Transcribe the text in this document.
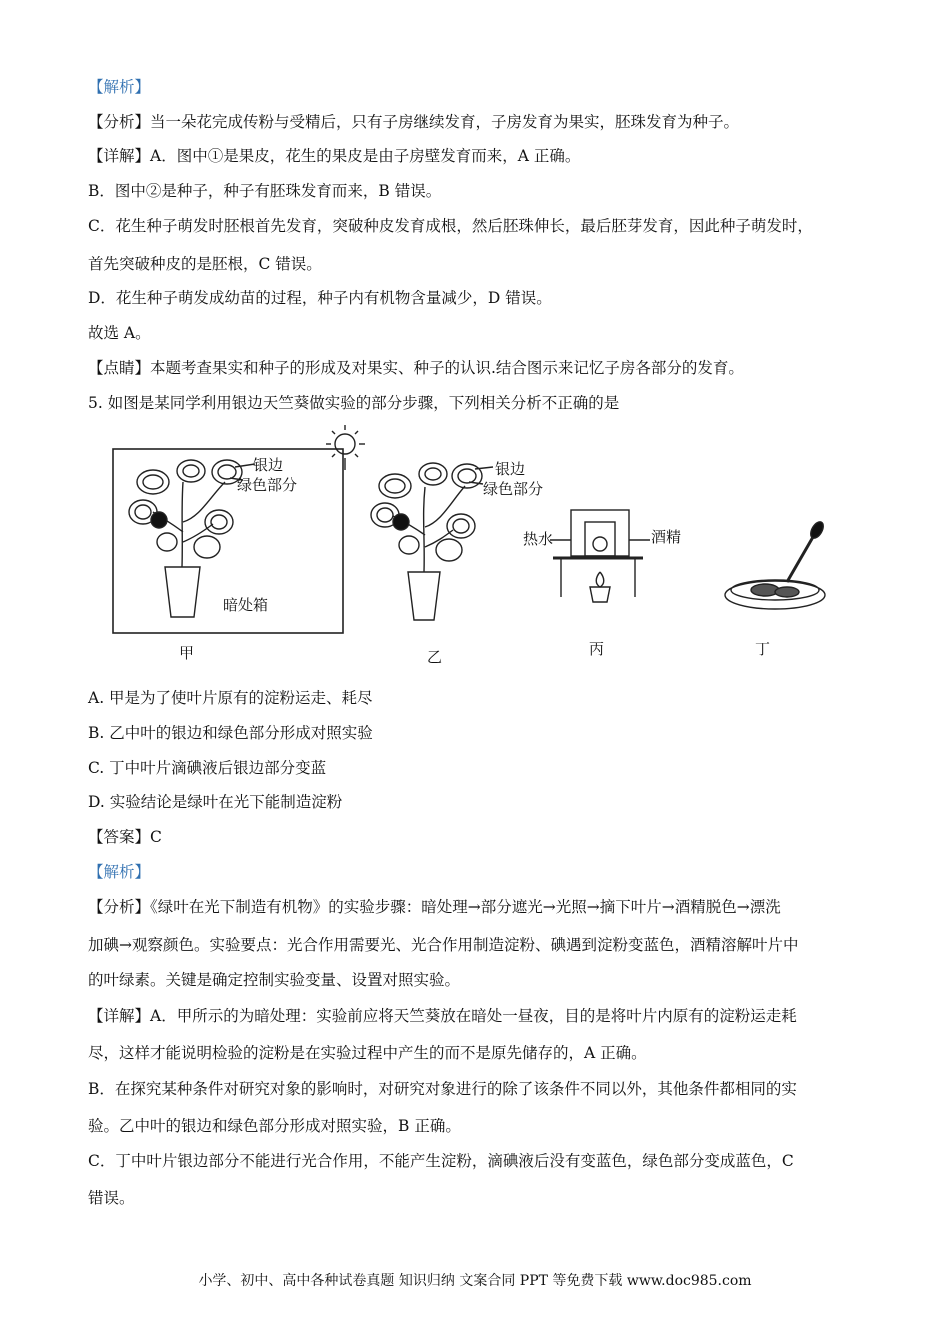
【解析】
【分析】当一朵花完成传粉与受精后，只有子房继续发育，子房发育为果实，胚珠发育为种子。
【详解】A．图中①是果皮，花生的果皮是由子房壁发育而来，A 正确。
B．图中②是种子，种子有胚珠发育而来，B 错误。
C．花生种子萌发时胚根首先发育，突破种皮发育成根，然后胚珠伸长，最后胚芽发育，因此种子萌发时，
首先突破种皮的是胚根，C 错误。
D．花生种子萌发成幼苗的过程，种子内有机物含量减少，D 错误。
故选 A。
【点睛】本题考查果实和种子的形成及对果实、种子的认识.结合图示来记忆子房各部分的发育。
5. 如图是某同学利用银边天竺葵做实验的部分步骤，下列相关分析不正确的是
银边
绿色部分
暗处箱
银边
绿色部分
热水	酒精
甲	乙	丙	丁
A. 甲是为了使叶片原有的淀粉运走、耗尽
B. 乙中叶的银边和绿色部分形成对照实验
C. 丁中叶片滴碘液后银边部分变蓝
D. 实验结论是绿叶在光下能制造淀粉
【答案】C
【解析】
【分析】《绿叶在光下制造有机物》的实验步骤：暗处理→部分遮光→光照→摘下叶片→酒精脱色→漂洗
加碘→观察颜色。实验要点：光合作用需要光、光合作用制造淀粉、碘遇到淀粉变蓝色，酒精溶解叶片中
的叶绿素。关键是确定控制实验变量、设置对照实验。
【详解】A．甲所示的为暗处理：实验前应将天竺葵放在暗处一昼夜，目的是将叶片内原有的淀粉运走耗
尽，这样才能说明检验的淀粉是在实验过程中产生的而不是原先储存的，A 正确。
B．在探究某种条件对研究对象的影响时，对研究对象进行的除了该条件不同以外，其他条件都相同的实
验。乙中叶的银边和绿色部分形成对照实验，B 正确。
C．丁中叶片银边部分不能进行光合作用，不能产生淀粉，滴碘液后没有变蓝色，绿色部分变成蓝色，C
错误。
小学、初中、高中各种试卷真题 知识归纳 文案合同 PPT 等免费下载 www.doc985.com
